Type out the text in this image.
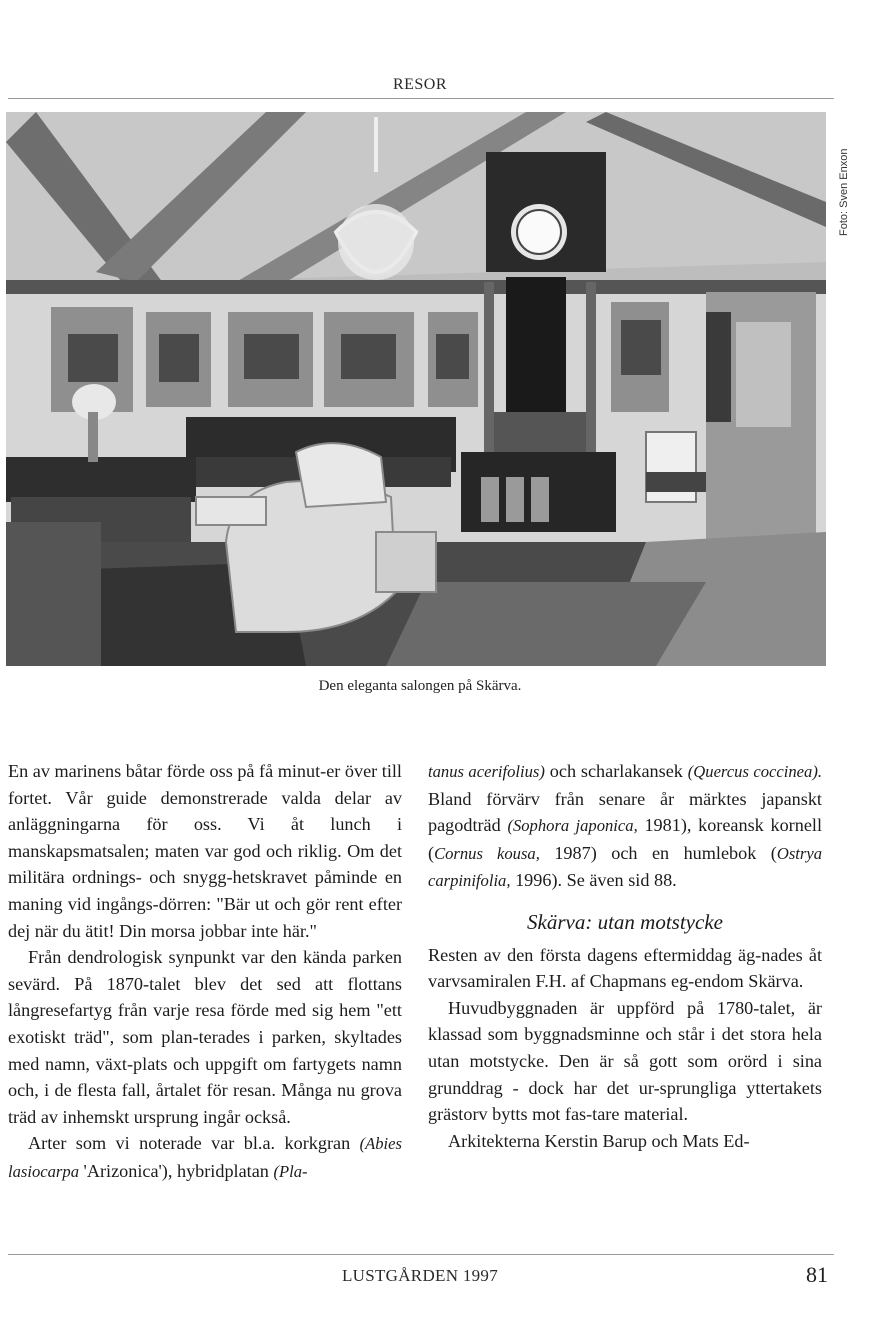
RESOR
Foto: Sven Enxon
Den eleganta salongen på Skärva.

En av marinens båtar förde oss på få minut-er över till fortet. Vår guide demonstrerade valda delar av anläggningarna för oss. Vi åt lunch i manskapsmatsalen; maten var god och riklig. Om det militära ordnings- och snygg-hetskravet påminde en maning vid ingångs-dörren: "Bär ut och gör rent efter dej när du ätit! Din morsa jobbar inte här."

Från dendrologisk synpunkt var den kända parken sevärd. På 1870-talet blev det sed att flottans långresefartyg från varje resa förde med sig hem "ett exotiskt träd", som plan-terades i parken, skyltades med namn, växt-plats och uppgift om fartygets namn och, i de flesta fall, årtalet för resan. Många nu grova träd av inhemskt ursprung ingår också.

Arter som vi noterade var bl.a. korkgran (Abies lasiocarpa 'Arizonica'), hybridplatan (Pla-

tanus acerifolius) och scharlakansek (Quercus coccinea). Bland förvärv från senare år märktes japanskt pagodträd (Sophora japonica, 1981), koreansk kornell (Cornus kousa, 1987) och en humlebok (Ostrya carpinifolia, 1996). Se även sid 88.

Skärva: utan motstycke

Resten av den första dagens eftermiddag äg-nades åt varvsamiralen F.H. af Chapmans eg-endom Skärva.

Huvudbyggnaden är uppförd på 1780-talet, är klassad som byggnadsminne och står i det stora hela utan motstycke. Den är så gott som orörd i sina grunddrag - dock har det ur-sprungliga yttertakets grästorv bytts mot fas-tare material.

Arkitekterna Kerstin Barup och Mats Ed-

LUSTGÅRDEN 1997	81
